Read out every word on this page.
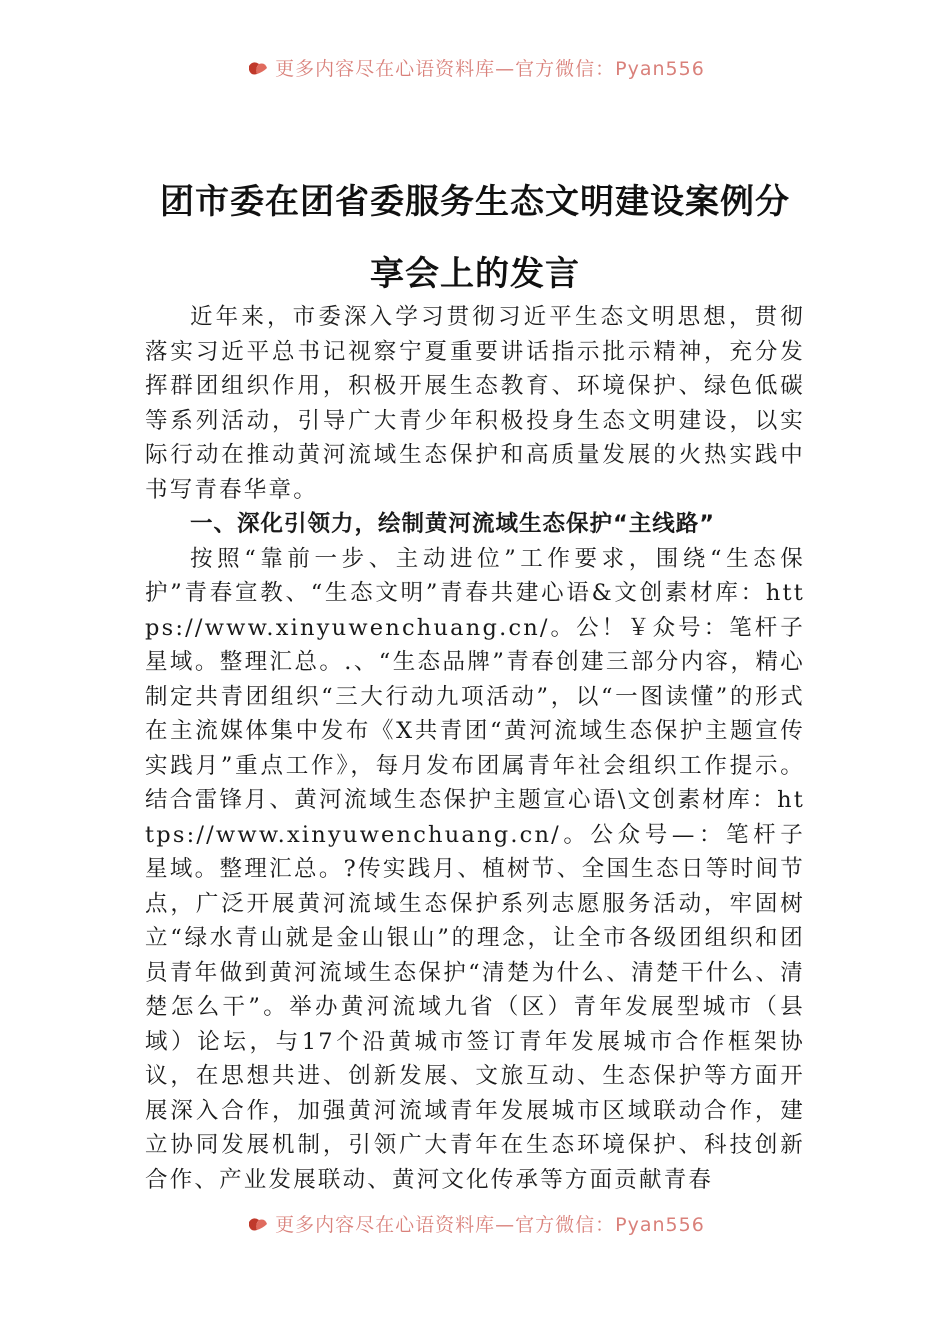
更多内容尽在心语资料库—官方微信：Pyan556
团市委在团省委服务生态文明建设案例分
享会上的发言

近年来，市委深入学习贯彻习近平生态文明思想，贯彻落实习近平总书记视察宁夏重要讲话指示批示精神，充分发挥群团组织作用，积极开展生态教育、环境保护、绿色低碳等系列活动，引导广大青少年积极投身生态文明建设，以实际行动在推动黄河流域生态保护和高质量发展的火热实践中书写青春华章。

一、深化引领力，绘制黄河流域生态保护“主线路”

按照“靠前一步、主动进位”工作要求，围绕“生态保护”青春宣教、“生态文明”青春共建心语&文创素材库：https://www.xinyuwenchuang.cn/。公！￥众号：笔杆子星域。整理汇总。.、“生态品牌”青春创建三部分内容，精心制定共青团组织“三大行动九项活动”，以“一图读懂”的形式在主流媒体集中发布《X共青团“黄河流域生态保护主题宣传实践月”重点工作》，每月发布团属青年社会组织工作提示。结合雷锋月、黄河流域生态保护主题宣心语\文创素材库：https://www.xinyuwenchuang.cn/。公众号—：笔杆子星域。整理汇总。?传实践月、植树节、全国生态日等时间节点，广泛开展黄河流域生态保护系列志愿服务活动，牢固树立“绿水青山就是金山银山”的理念，让全市各级团组织和团员青年做到黄河流域生态保护“清楚为什么、清楚干什么、清楚怎么干”。举办黄河流域九省（区）青年发展型城市（县域）论坛，与17个沿黄城市签订青年发展城市合作框架协议，在思想共进、创新发展、文旅互动、生态保护等方面开展深入合作，加强黄河流域青年发展城市区域联动合作，建立协同发展机制，引领广大青年在生态环境保护、科技创新合作、产业发展联动、黄河文化传承等方面贡献青春

更多内容尽在心语资料库—官方微信：Pyan556
